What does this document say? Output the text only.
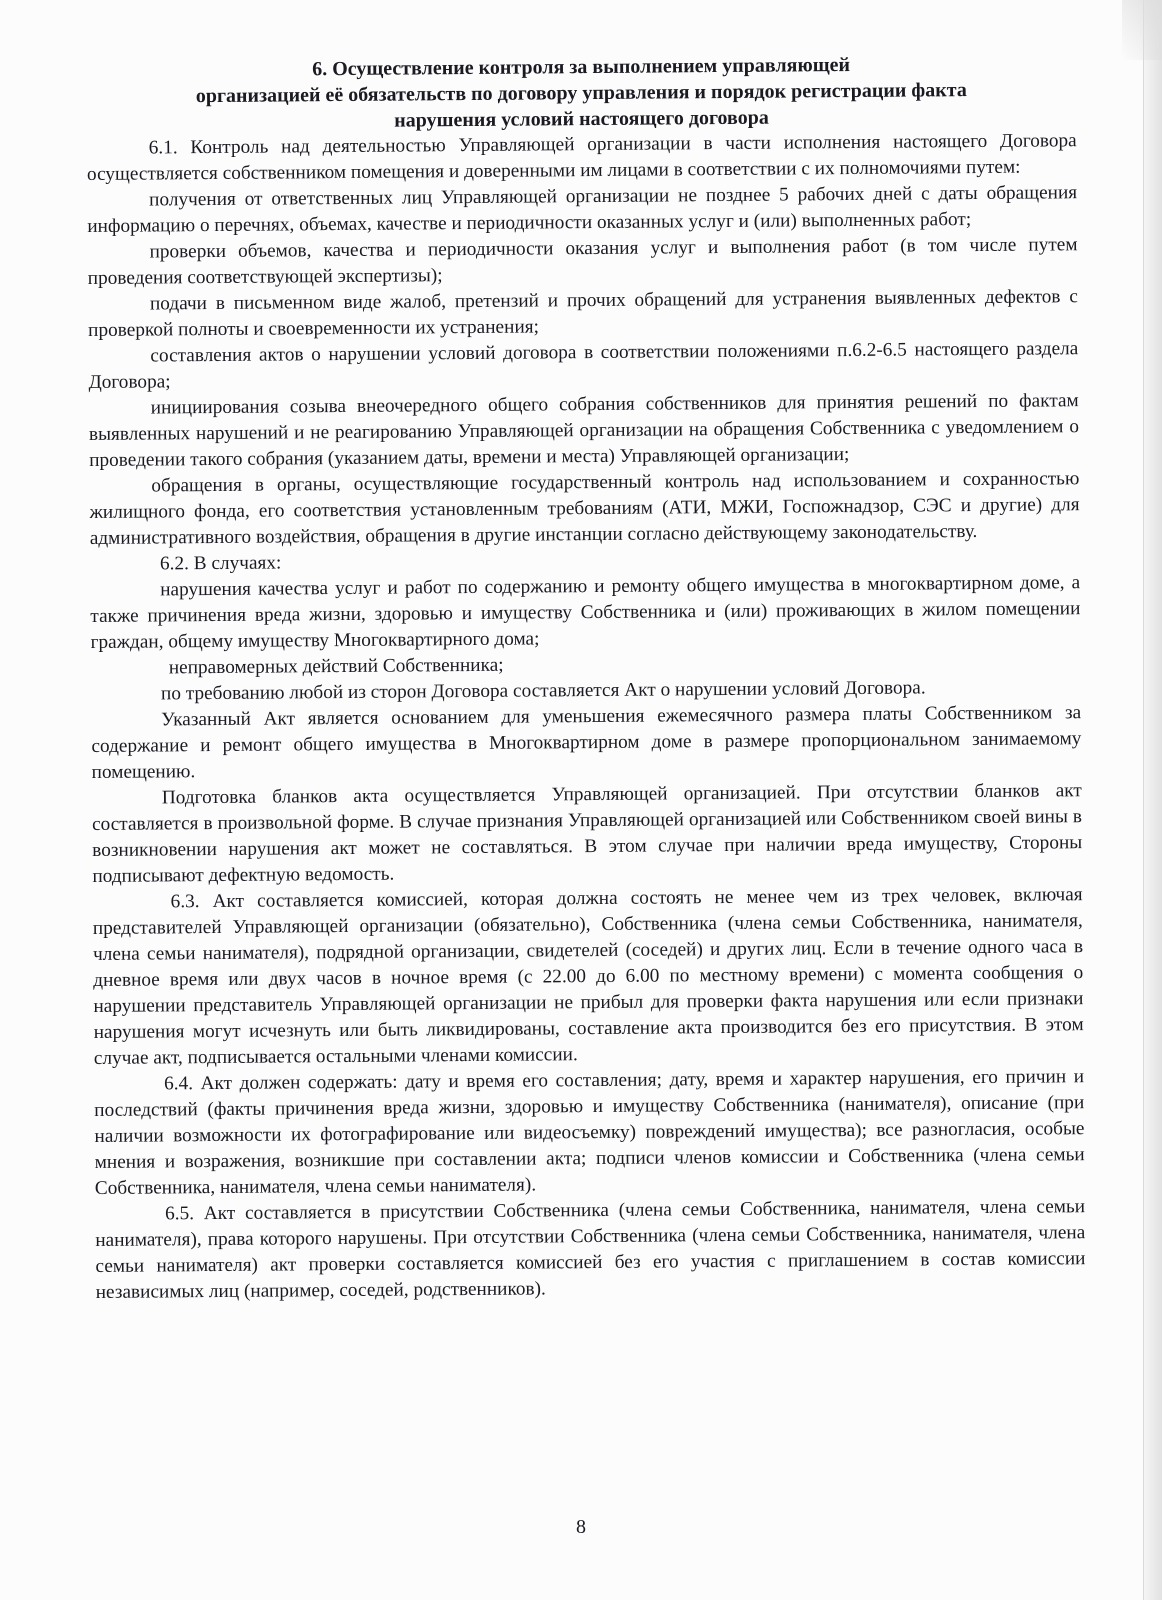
6. Осуществление контроля за выполнением управляющей
организацией её обязательств по договору управления и порядок регистрации факта
нарушения условий настоящего договора

6.1. Контроль над деятельностью Управляющей организации в части исполнения настоящего Договора осуществляется собственником помещения и доверенными им лицами в соответствии с их полномочиями путем:

получения от ответственных лиц Управляющей организации не позднее 5 рабочих дней с даты обращения информацию о перечнях, объемах, качестве и периодичности оказанных услуг и (или) выполненных работ;

проверки объемов, качества и периодичности оказания услуг и выполнения работ (в том числе путем проведения соответствующей экспертизы);

подачи в письменном виде жалоб, претензий и прочих обращений для устранения выявленных дефектов с проверкой полноты и своевременности их устранения;

составления актов о нарушении условий договора в соответствии положениями п.6.2-6.5 настоящего раздела Договора;

инициирования созыва внеочередного общего собрания собственников для принятия решений по фактам выявленных нарушений и не реагированию Управляющей организации на обращения Собственника с уведомлением о проведении такого собрания (указанием даты, времени и места) Управляющей организации;

обращения в органы, осуществляющие государственный контроль над использованием и сохранностью жилищного фонда, его соответствия установленным требованиям (АТИ, МЖИ, Госпожнадзор, СЭС и другие) для административного воздействия, обращения в другие инстанции согласно действующему законодательству.

6.2. В случаях:

нарушения качества услуг и работ по содержанию и ремонту общего имущества в многоквартирном доме, а также причинения вреда жизни, здоровью и имуществу Собственника и (или) проживающих в жилом помещении граждан, общему имуществу Многоквартирного дома;

неправомерных действий Собственника;

по требованию любой из сторон Договора составляется Акт о нарушении условий Договора.

Указанный Акт является основанием для уменьшения ежемесячного размера платы Собственником за содержание и ремонт общего имущества в Многоквартирном доме в размере пропорциональном занимаемому помещению.

Подготовка бланков акта осуществляется Управляющей организацией. При отсутствии бланков акт составляется в произвольной форме. В случае признания Управляющей организацией или Собственником своей вины в возникновении нарушения акт может не составляться. В этом случае при наличии вреда имуществу, Стороны подписывают дефектную ведомость.

6.3. Акт составляется комиссией, которая должна состоять не менее чем из трех человек, включая представителей Управляющей организации (обязательно), Собственника (члена семьи Собственника, нанимателя, члена семьи нанимателя), подрядной организации, свидетелей (соседей) и других лиц. Если в течение одного часа в дневное время или двух часов в ночное время (с 22.00 до 6.00 по местному времени) с момента сообщения о нарушении представитель Управляющей организации не прибыл для проверки факта нарушения или если признаки нарушения могут исчезнуть или быть ликвидированы, составление акта производится без его присутствия. В этом случае акт, подписывается остальными членами комиссии.

6.4. Акт должен содержать: дату и время его составления; дату, время и характер нарушения, его причин и последствий (факты причинения вреда жизни, здоровью и имуществу Собственника (нанимателя), описание (при наличии возможности их фотографирование или видеосъемку) повреждений имущества); все разногласия, особые мнения и возражения, возникшие при составлении акта; подписи членов комиссии и Собственника (члена семьи Собственника, нанимателя, члена семьи нанимателя).

6.5. Акт составляется в присутствии Собственника (члена семьи Собственника, нанимателя, члена семьи нанимателя), права которого нарушены. При отсутствии Собственника (члена семьи Собственника, нанимателя, члена семьи нанимателя) акт проверки составляется комиссией без его участия с приглашением в состав комиссии независимых лиц (например, соседей, родственников).

8
